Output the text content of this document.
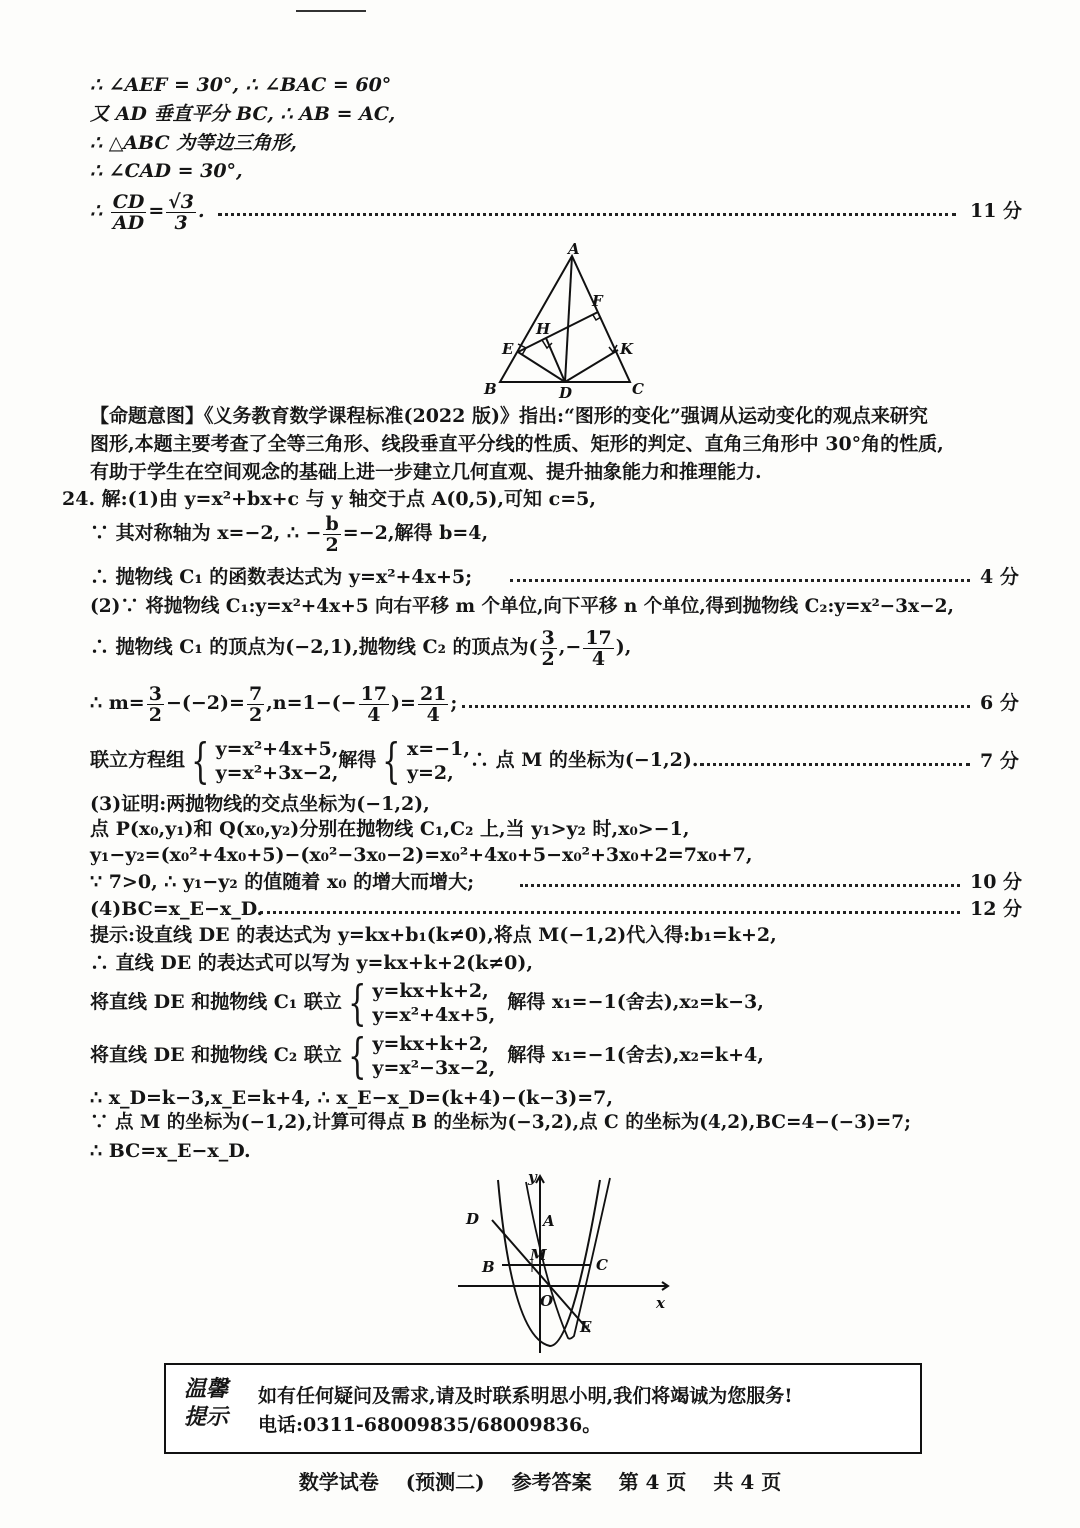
∴ ∠AEF = 30°, ∴ ∠BAC = 60°
又 AD 垂直平分 BC, ∴ AB = AC,
∴ △ABC 为等边三角形,
∴ ∠CAD = 30°,
∴ $\frac{CD}{AD} = \frac{√3}{3}$ .	11 分
A
B	C
D
E
F
H
K
【命题意图】《义务教育数学课程标准(2022 版)》指出:“图形的变化”强调从运动变化的观点来研究
图形,本题主要考查了全等三角形、线段垂直平分线的性质、矩形的判定、直角三角形中 30°角的性质,
有助于学生在空间观念的基础上进一步建立几何直观、提升抽象能力和推理能力.
24. 解:(1)由 y=x²+bx+c 与 y 轴交于点 A(0,5),可知 c=5,
∵ 其对称轴为 x=−2, ∴ − $\frac{b}{2} =-2$,解得 b=4,
∴ 抛物线 C₁ 的函数表达式为 y=x²+4x+5;	4 分
(2)∵ 将抛物线 C₁:y=x²+4x+5 向右平移 m 个单位,向下平移 n 个单位,得到抛物线 C₂:y=x²−3x−2,
∴ 抛物线 C₁ 的顶点为(−2,1),抛物线 C₂ 的顶点为( $\frac{3}{2}$ ,− $\frac{17}{4}$ ),
∴ $m= \frac{3}{2} -(-2)= \frac{7}{2} ,n=1-(- \frac{17}{4}$ )= $\frac{21}{4}$ ;	6 分
联立方程组 { y=x²+4x+5,
y=x²+3x−2,
解得 { x=−1,
y=2,
∴ 点 M 的坐标为(−1,2).	7 分
(3)证明:两抛物线的交点坐标为(−1,2),
点 P(x₀,y₁)和 Q(x₀,y₂)分别在抛物线 C₁,C₂ 上,当 y₁>y₂ 时,x₀>−1,
y₁−y₂=(x₀²+4x₀+5)−(x₀²−3x₀−2)=x₀²+4x₀+5−x₀²+3x₀+2=7x₀+7,
∵ 7>0, ∴ y₁−y₂ 的值随着 x₀ 的增大而增大;	10 分
(4)BC=x_E−x_D.	12 分
提示:设直线 DE 的表达式为 y=kx+b₁(k≠0),将点 M(−1,2)代入得:b₁=k+2,
∴ 直线 DE 的表达式可以写为 y=kx+k+2(k≠0),
将直线 DE 和抛物线 C₁ 联立 { y=kx+k+2,
y=x²+4x+5,
解得 x₁=−1(舍去),x₂=k−3,
将直线 DE 和抛物线 C₂ 联立 { y=kx+k+2,
y=x²−3x−2,
解得 x₁=−1(舍去),x₂=k+4,
∴ x_D=k−3,x_E=k+4, ∴ x_E−x_D=(k+4)−(k−3)=7,
∵ 点 M 的坐标为(−1,2),计算可得点 B 的坐标为(−3,2),点 C 的坐标为(4,2),BC=4−(−3)=7;
∴ BC=x_E−x_D.
y
x
O
A
B	C
D
E
M
温馨
提示
如有任何疑问及需求,请及时联系明思小明,我们将竭诚为您服务!
电话:0311-68009835/68009836。
数学试卷 (预测二) 参考答案 第 4 页 共 4 页
